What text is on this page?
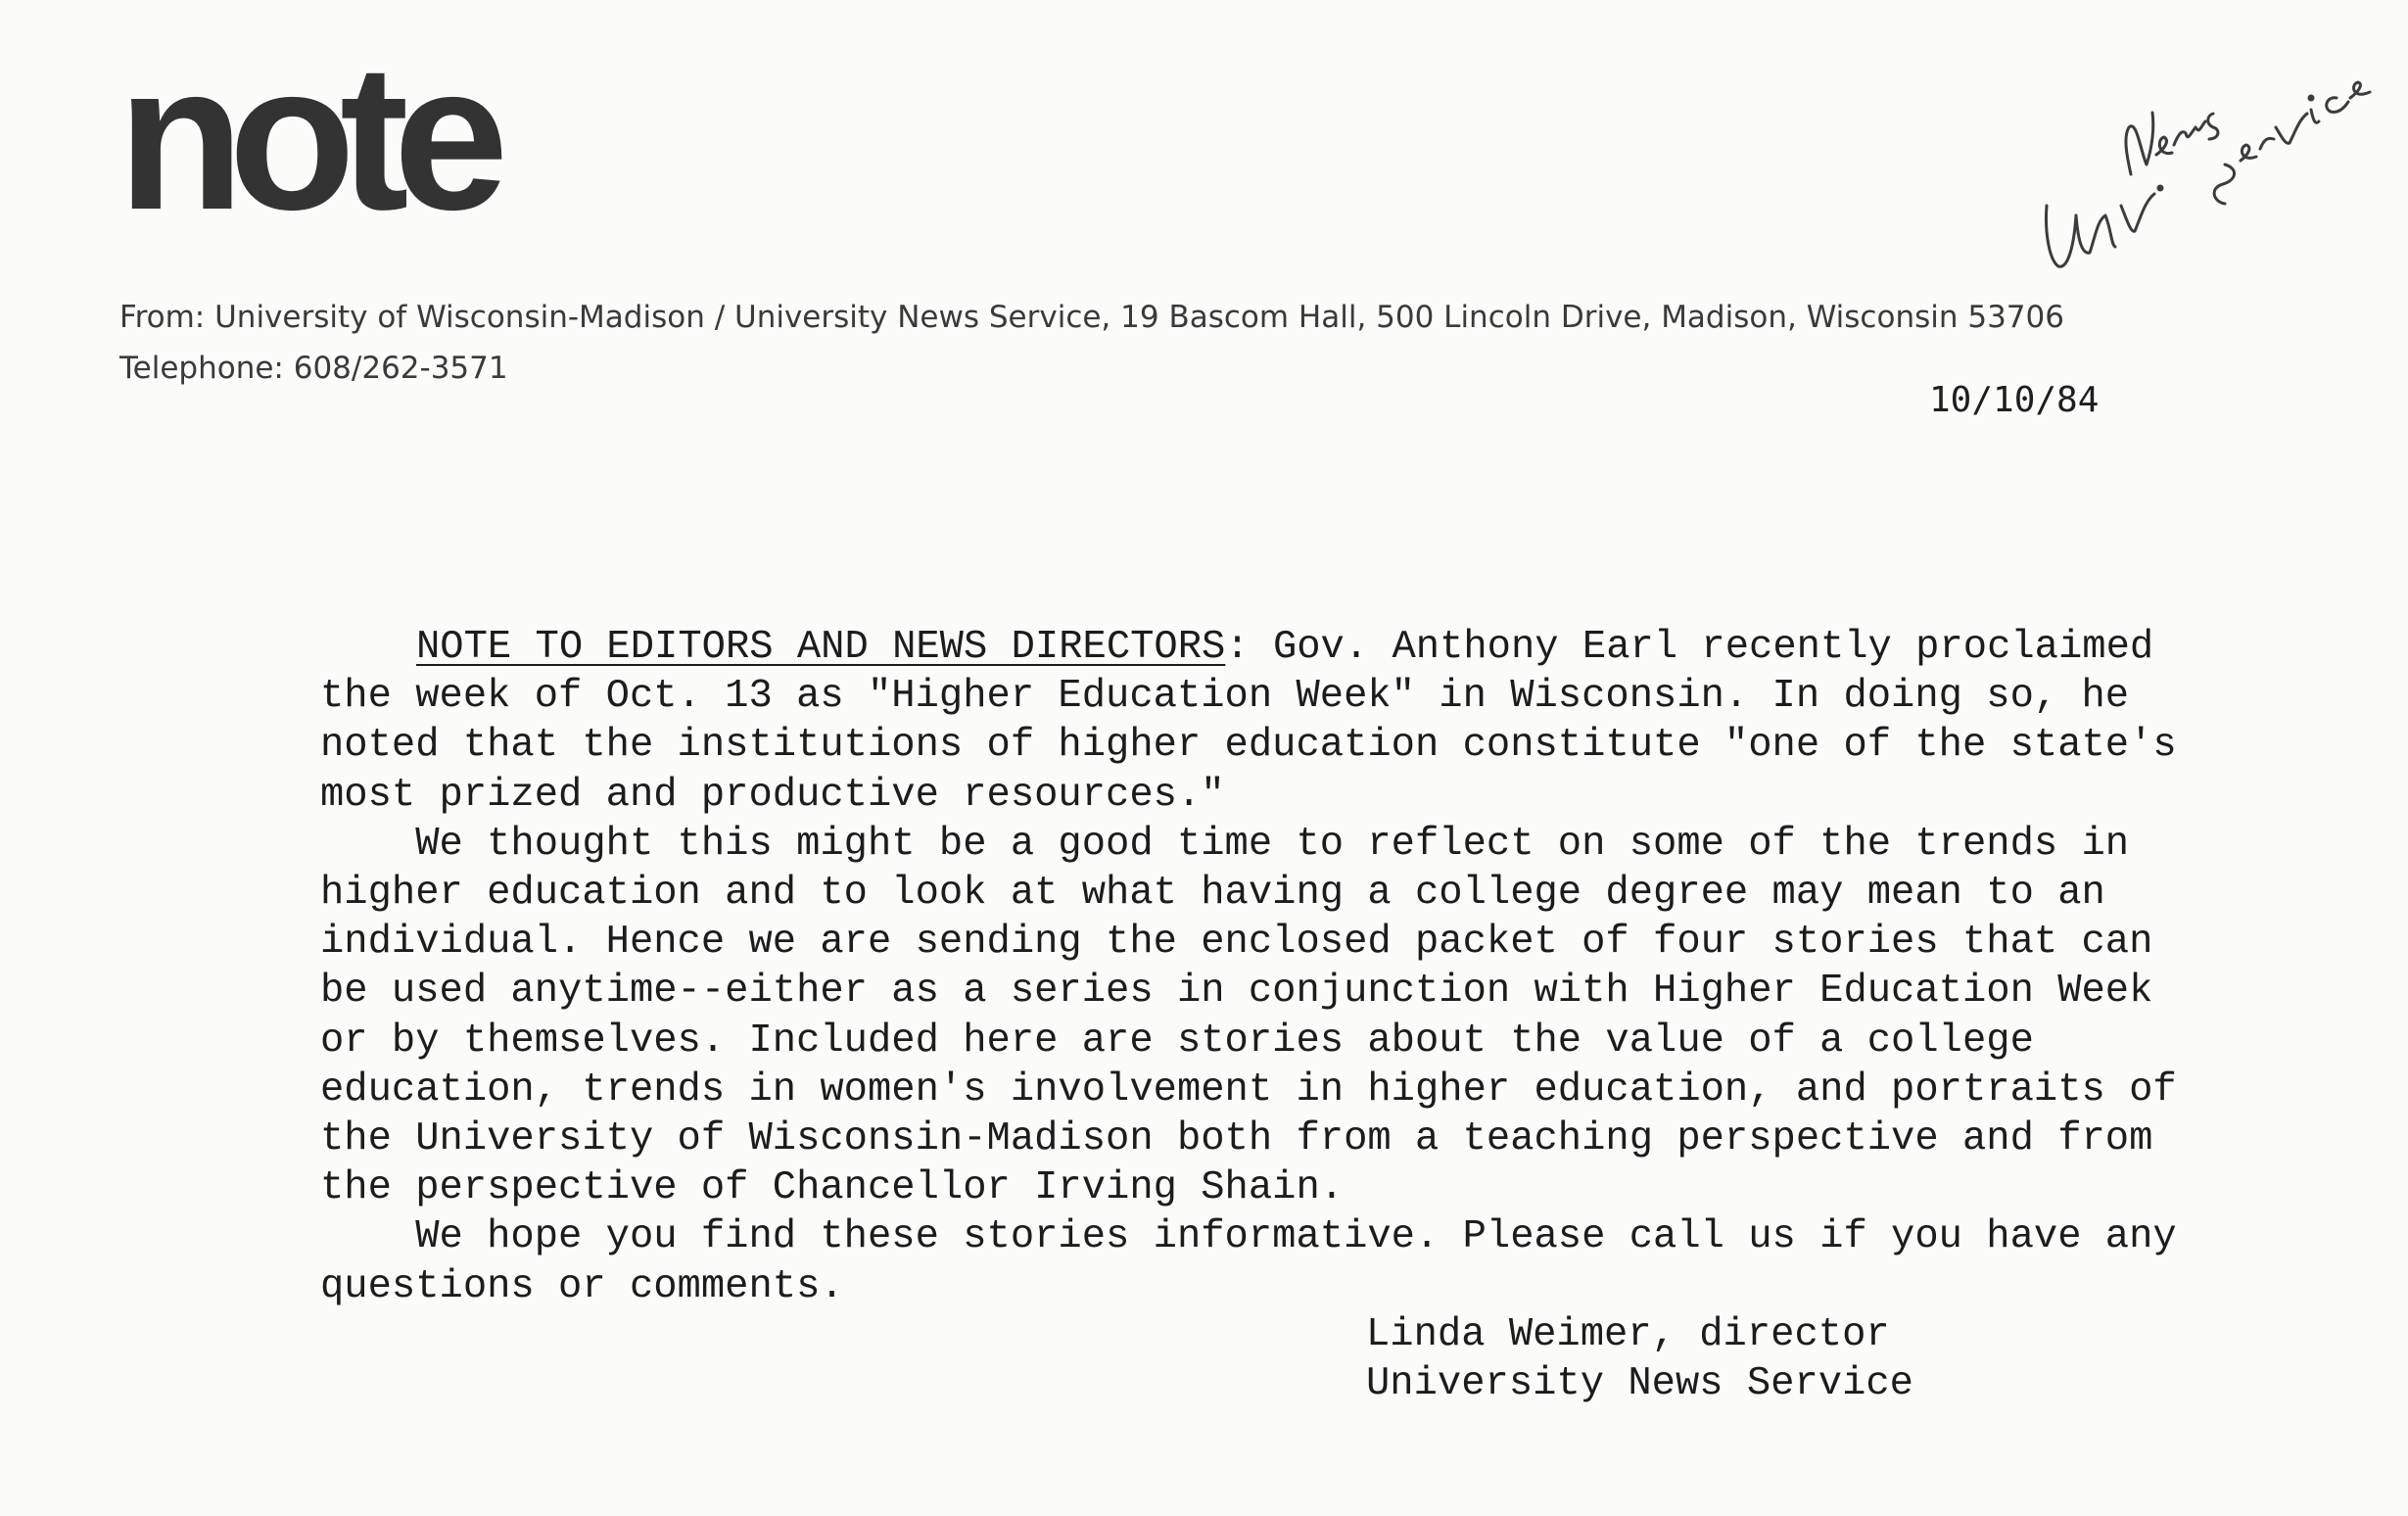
note
From: University of Wisconsin-Madison / University News Service, 19 Bascom Hall, 500 Lincoln Drive, Madison, Wisconsin 53706
Telephone: 608/262-3571
10/10/84

NOTE TO EDITORS AND NEWS DIRECTORS: Gov. Anthony Earl recently proclaimed

the week of Oct. 13 as "Higher Education Week" in Wisconsin. In doing so, he

noted that the institutions of higher education constitute "one of the state's

most prized and productive resources."

We thought this might be a good time to reflect on some of the trends in

higher education and to look at what having a college degree may mean to an

individual. Hence we are sending the enclosed packet of four stories that can

be used anytime--either as a series in conjunction with Higher Education Week

or by themselves. Included here are stories about the value of a college

education, trends in women's involvement in higher education, and portraits of

the University of Wisconsin-Madison both from a teaching perspective and from

the perspective of Chancellor Irving Shain.

We hope you find these stories informative. Please call us if you have any

questions or comments.

Linda Weimer, director
University News Service
